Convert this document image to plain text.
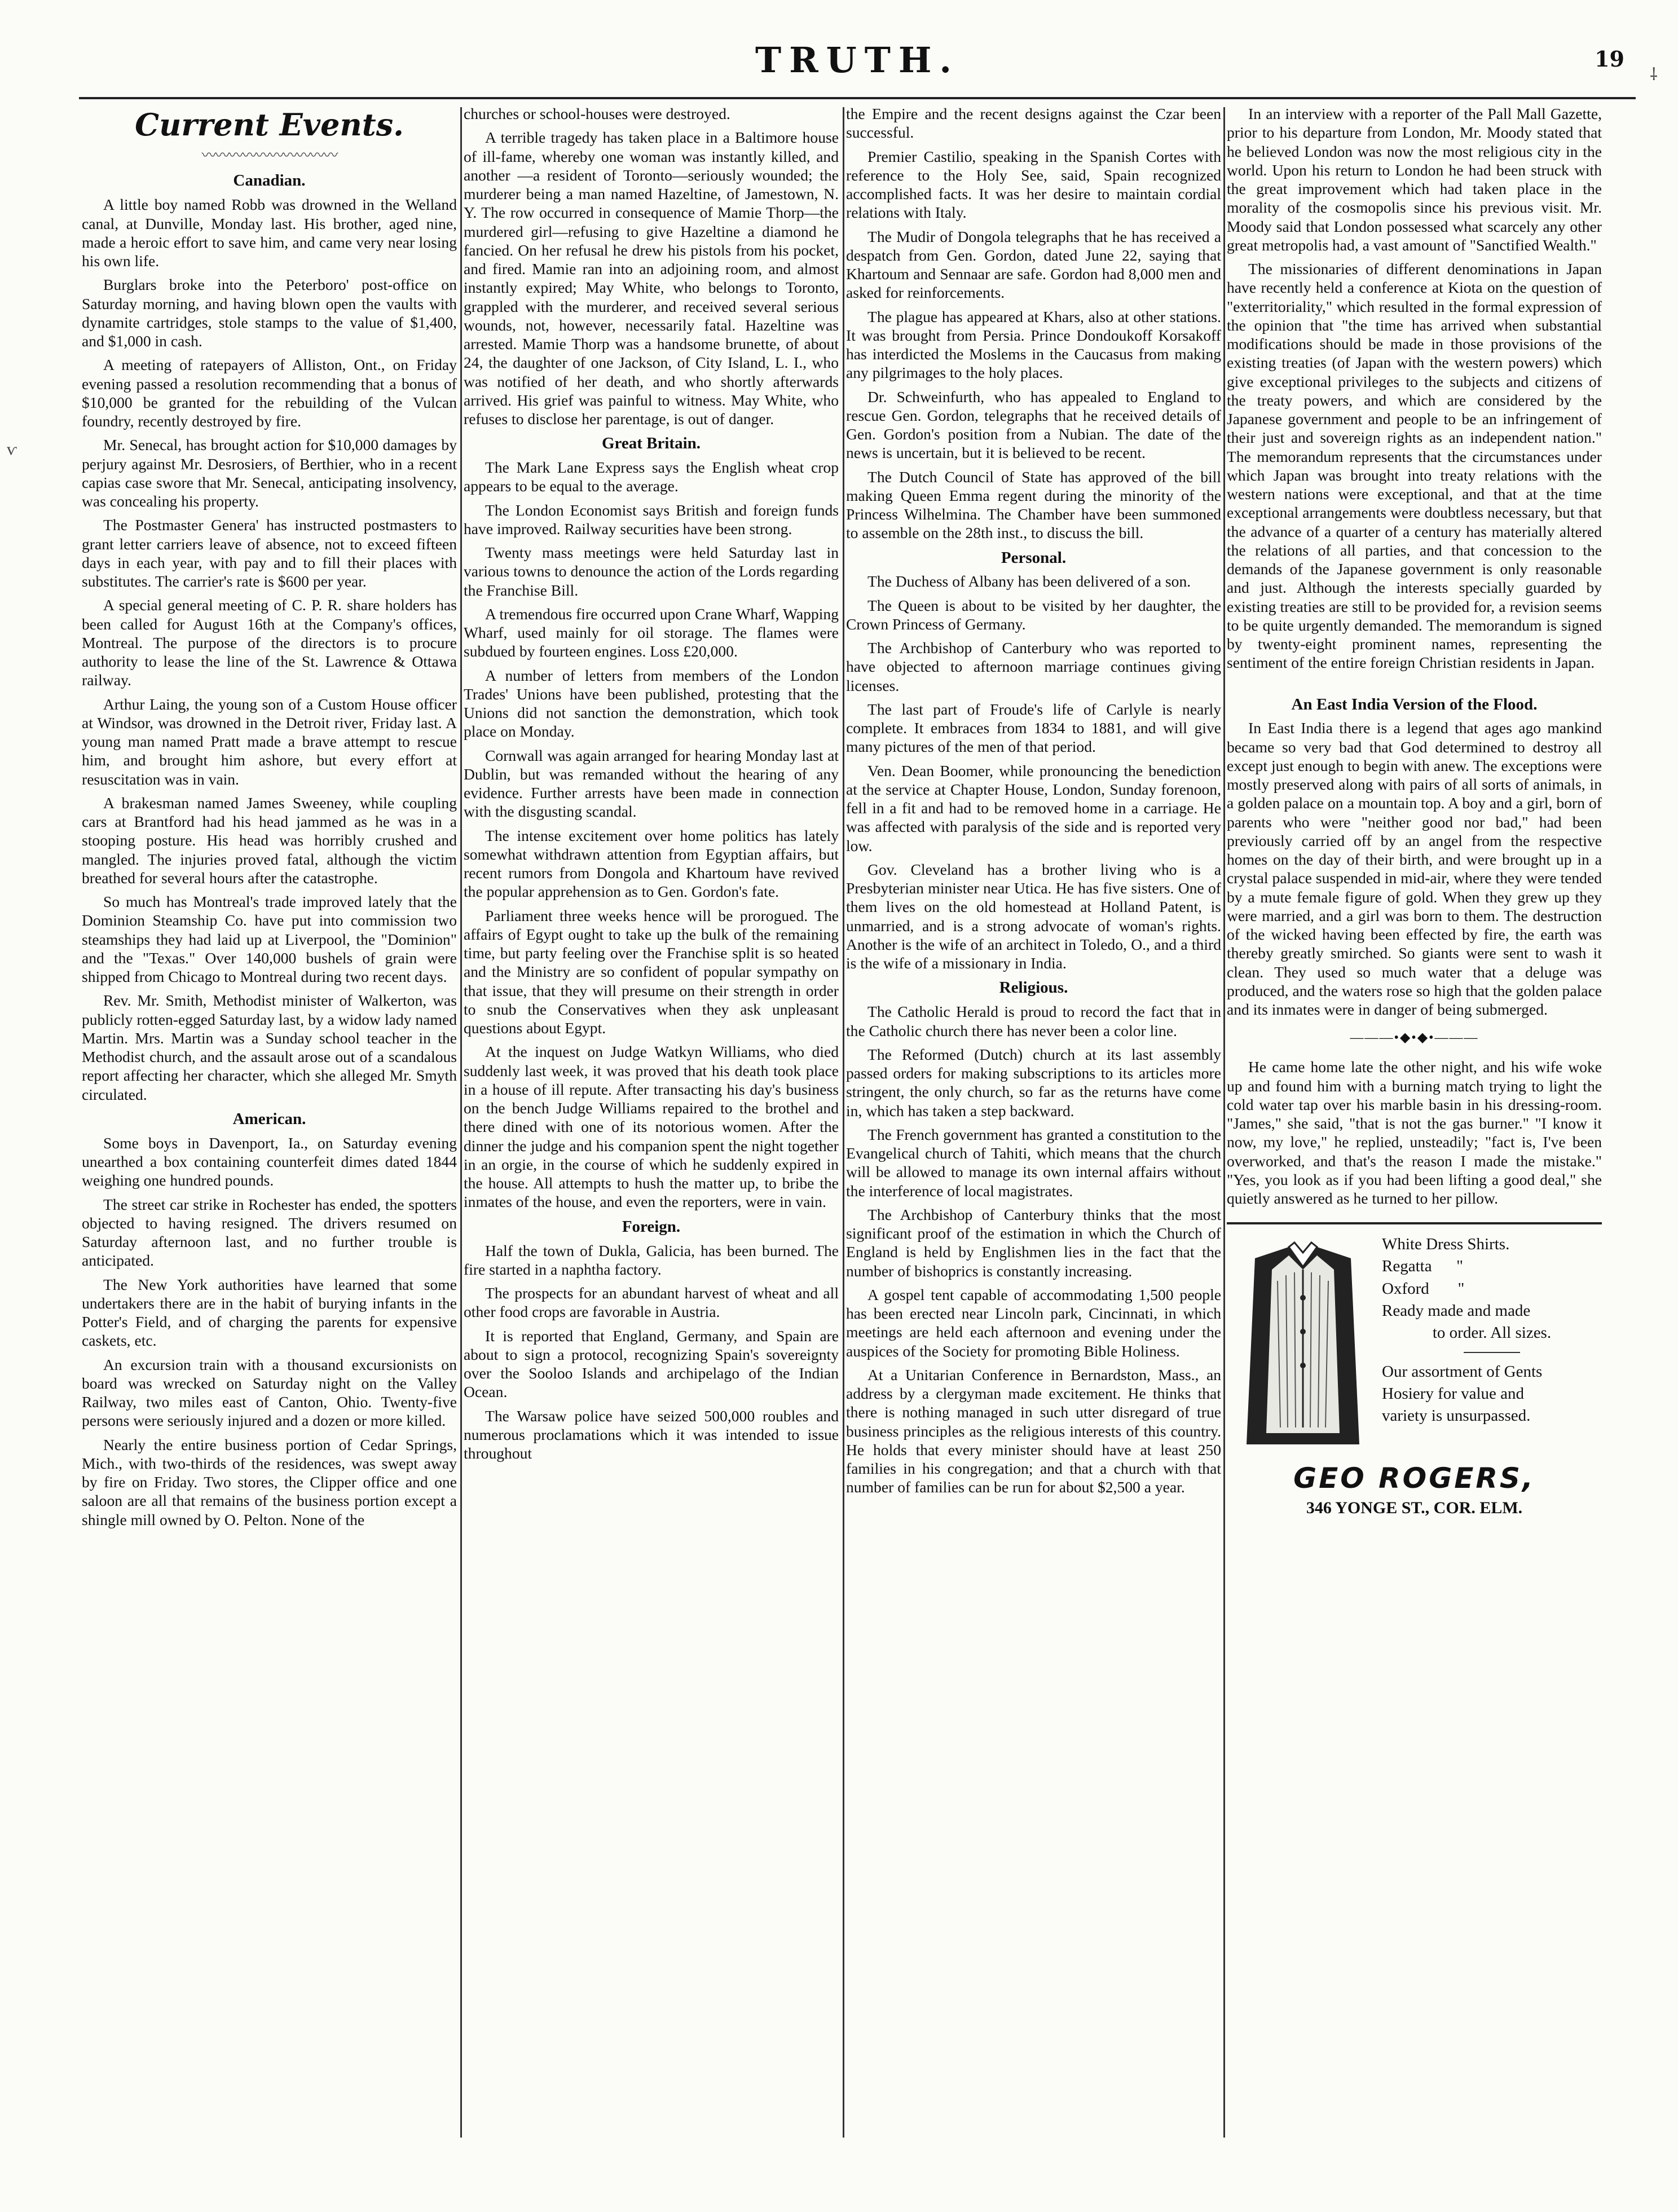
TRUTH.	19
Current Events.
〰〰〰〰〰〰〰〰〰〰
Canadian.

A little boy named Robb was drowned in the Welland canal, at Dunville, Monday last. His brother, aged nine, made a heroic effort to save him, and came very near losing his own life.

Burglars broke into the Peterboro' post-office on Saturday morning, and having blown open the vaults with dynamite cartridges, stole stamps to the value of $1,400, and $1,000 in cash.

A meeting of ratepayers of Alliston, Ont., on Friday evening passed a resolution recommending that a bonus of $10,000 be granted for the rebuilding of the Vulcan foundry, recently destroyed by fire.

Mr. Senecal, has brought action for $10,000 damages by perjury against Mr. Desrosiers, of Berthier, who in a recent capias case swore that Mr. Senecal, anticipating insolvency, was concealing his property.

The Postmaster Genera' has instructed postmasters to grant letter carriers leave of absence, not to exceed fifteen days in each year, with pay and to fill their places with substitutes. The carrier's rate is $600 per year.

A special general meeting of C. P. R. share holders has been called for August 16th at the Company's offices, Montreal. The purpose of the directors is to procure authority to lease the line of the St. Lawrence & Ottawa railway.

Arthur Laing, the young son of a Custom House officer at Windsor, was drowned in the Detroit river, Friday last. A young man named Pratt made a brave attempt to rescue him, and brought him ashore, but every effort at resuscitation was in vain.

A brakesman named James Sweeney, while coupling cars at Brantford had his head jammed as he was in a stooping posture. His head was horribly crushed and mangled. The injuries proved fatal, although the victim breathed for several hours after the catastrophe.

So much has Montreal's trade improved lately that the Dominion Steamship Co. have put into commission two steamships they had laid up at Liverpool, the "Dominion" and the "Texas." Over 140,000 bushels of grain were shipped from Chicago to Montreal during two recent days.

Rev. Mr. Smith, Methodist minister of Walkerton, was publicly rotten-egged Saturday last, by a widow lady named Martin. Mrs. Martin was a Sunday school teacher in the Methodist church, and the assault arose out of a scandalous report affecting her character, which she alleged Mr. Smyth circulated.

American.

Some boys in Davenport, Ia., on Saturday evening unearthed a box containing counterfeit dimes dated 1844 weighing one hundred pounds.

The street car strike in Rochester has ended, the spotters objected to having resigned. The drivers resumed on Saturday afternoon last, and no further trouble is anticipated.

The New York authorities have learned that some undertakers there are in the habit of burying infants in the Potter's Field, and of charging the parents for expensive caskets, etc.

An excursion train with a thousand excursionists on board was wrecked on Saturday night on the Valley Railway, two miles east of Canton, Ohio. Twenty-five persons were seriously injured and a dozen or more killed.

Nearly the entire business portion of Cedar Springs, Mich., with two-thirds of the residences, was swept away by fire on Friday. Two stores, the Clipper office and one saloon are all that remains of the business portion except a shingle mill owned by O. Pelton. None of the

churches or school-houses were destroyed.

A terrible tragedy has taken place in a Baltimore house of ill-fame, whereby one woman was instantly killed, and another —a resident of Toronto—seriously wounded; the murderer being a man named Hazeltine, of Jamestown, N. Y. The row occurred in consequence of Mamie Thorp—the murdered girl—refusing to give Hazeltine a diamond he fancied. On her refusal he drew his pistols from his pocket, and fired. Mamie ran into an adjoining room, and almost instantly expired; May White, who belongs to Toronto, grappled with the murderer, and received several serious wounds, not, however, necessarily fatal. Hazeltine was arrested. Mamie Thorp was a handsome brunette, of about 24, the daughter of one Jackson, of City Island, L. I., who was notified of her death, and who shortly afterwards arrived. His grief was painful to witness. May White, who refuses to disclose her parentage, is out of danger.

Great Britain.

The Mark Lane Express says the English wheat crop appears to be equal to the average.

The London Economist says British and foreign funds have improved. Railway securities have been strong.

Twenty mass meetings were held Saturday last in various towns to denounce the action of the Lords regarding the Franchise Bill.

A tremendous fire occurred upon Crane Wharf, Wapping Wharf, used mainly for oil storage. The flames were subdued by fourteen engines. Loss £20,000.

A number of letters from members of the London Trades' Unions have been published, protesting that the Unions did not sanction the demonstration, which took place on Monday.

Cornwall was again arranged for hearing Monday last at Dublin, but was remanded without the hearing of any evidence. Further arrests have been made in connection with the disgusting scandal.

The intense excitement over home politics has lately somewhat withdrawn attention from Egyptian affairs, but recent rumors from Dongola and Khartoum have revived the popular apprehension as to Gen. Gordon's fate.

Parliament three weeks hence will be prorogued. The affairs of Egypt ought to take up the bulk of the remaining time, but party feeling over the Franchise split is so heated and the Ministry are so confident of popular sympathy on that issue, that they will presume on their strength in order to snub the Conservatives when they ask unpleasant questions about Egypt.

At the inquest on Judge Watkyn Williams, who died suddenly last week, it was proved that his death took place in a house of ill repute. After transacting his day's business on the bench Judge Williams repaired to the brothel and there dined with one of its notorious women. After the dinner the judge and his companion spent the night together in an orgie, in the course of which he suddenly expired in the house. All attempts to hush the matter up, to bribe the inmates of the house, and even the reporters, were in vain.

Foreign.

Half the town of Dukla, Galicia, has been burned. The fire started in a naphtha factory.

The prospects for an abundant harvest of wheat and all other food crops are favorable in Austria.

It is reported that England, Germany, and Spain are about to sign a protocol, recognizing Spain's sovereignty over the Sooloo Islands and archipelago of the Indian Ocean.

The Warsaw police have seized 500,000 roubles and numerous proclamations which it was intended to issue throughout

the Empire and the recent designs against the Czar been successful.

Premier Castilio, speaking in the Spanish Cortes with reference to the Holy See, said, Spain recognized accomplished facts. It was her desire to maintain cordial relations with Italy.

The Mudir of Dongola telegraphs that he has received a despatch from Gen. Gordon, dated June 22, saying that Khartoum and Sennaar are safe. Gordon had 8,000 men and asked for reinforcements.

The plague has appeared at Khars, also at other stations. It was brought from Persia. Prince Dondoukoff Korsakoff has interdicted the Moslems in the Caucasus from making any pilgrimages to the holy places.

Dr. Schweinfurth, who has appealed to England to rescue Gen. Gordon, telegraphs that he received details of Gen. Gordon's position from a Nubian. The date of the news is uncertain, but it is believed to be recent.

The Dutch Council of State has approved of the bill making Queen Emma regent during the minority of the Princess Wilhelmina. The Chamber have been summoned to assemble on the 28th inst., to discuss the bill.

Personal.

The Duchess of Albany has been delivered of a son.

The Queen is about to be visited by her daughter, the Crown Princess of Germany.

The Archbishop of Canterbury who was reported to have objected to afternoon marriage continues giving licenses.

The last part of Froude's life of Carlyle is nearly complete. It embraces from 1834 to 1881, and will give many pictures of the men of that period.

Ven. Dean Boomer, while pronouncing the benediction at the service at Chapter House, London, Sunday forenoon, fell in a fit and had to be removed home in a carriage. He was affected with paralysis of the side and is reported very low.

Gov. Cleveland has a brother living who is a Presbyterian minister near Utica. He has five sisters. One of them lives on the old homestead at Holland Patent, is unmarried, and is a strong advocate of woman's rights. Another is the wife of an architect in Toledo, O., and a third is the wife of a missionary in India.

Religious.

The Catholic Herald is proud to record the fact that in the Catholic church there has never been a color line.

The Reformed (Dutch) church at its last assembly passed orders for making subscriptions to its articles more stringent, the only church, so far as the returns have come in, which has taken a step backward.

The French government has granted a constitution to the Evangelical church of Tahiti, which means that the church will be allowed to manage its own internal affairs without the interference of local magistrates.

The Archbishop of Canterbury thinks that the most significant proof of the estimation in which the Church of England is held by Englishmen lies in the fact that the number of bishoprics is constantly increasing.

A gospel tent capable of accommodating 1,500 people has been erected near Lincoln park, Cincinnati, in which meetings are held each afternoon and evening under the auspices of the Society for promoting Bible Holiness.

At a Unitarian Conference in Bernardston, Mass., an address by a clergyman made excitement. He thinks that there is nothing managed in such utter disregard of true business principles as the religious interests of this country. He holds that every minister should have at least 250 families in his congregation; and that a church with that number of families can be run for about $2,500 a year.

In an interview with a reporter of the Pall Mall Gazette, prior to his departure from London, Mr. Moody stated that he believed London was now the most religious city in the world. Upon his return to London he had been struck with the great improvement which had taken place in the morality of the cosmopolis since his previous visit. Mr. Moody said that London possessed what scarcely any other great metropolis had, a vast amount of "Sanctified Wealth."

The missionaries of different denominations in Japan have recently held a conference at Kiota on the question of "exterritoriality," which resulted in the formal expression of the opinion that "the time has arrived when substantial modifications should be made in those provisions of the existing treaties (of Japan with the western powers) which give exceptional privileges to the subjects and citizens of the treaty powers, and which are considered by the Japanese government and people to be an infringement of their just and sovereign rights as an independent nation." The memorandum represents that the circumstances under which Japan was brought into treaty relations with the western nations were exceptional, and that at the time exceptional arrangements were doubtless necessary, but that the advance of a quarter of a century has materially altered the relations of all parties, and that concession to the demands of the Japanese government is only reasonable and just. Although the interests specially guarded by existing treaties are still to be provided for, a revision seems to be quite urgently demanded. The memorandum is signed by twenty-eight prominent names, representing the sentiment of the entire foreign Christian residents in Japan.

An East India Version of the Flood.

In East India there is a legend that ages ago mankind became so very bad that God determined to destroy all except just enough to begin with anew. The exceptions were mostly preserved along with pairs of all sorts of animals, in a golden palace on a mountain top. A boy and a girl, born of parents who were "neither good nor bad," had been previously carried off by an angel from the respective homes on the day of their birth, and were brought up in a crystal palace suspended in mid-air, where they were tended by a mute female figure of gold. When they grew up they were married, and a girl was born to them. The destruction of the wicked having been effected by fire, the earth was thereby greatly smirched. So giants were sent to wash it clean. They used so much water that a deluge was produced, and the waters rose so high that the golden palace and its inmates were in danger of being submerged.

———•◆•◆•———

He came home late the other night, and his wife woke up and found him with a burning match trying to light the cold water tap over his marble basin in his dressing-room. "James," she said, "that is not the gas burner." "I know it now, my love," he replied, unsteadily; "fact is, I've been overworked, and that's the reason I made the mistake." "Yes, you look as if you had been lifting a good deal," she quietly answered as he turned to her pillow.

White Dress Shirts.
Regatta      "
Oxford       "
Ready made and made
to order. All sizes.
Our assortment of Gents
Hosiery for value and
variety is unsurpassed.
GEO ROGERS,
346 YONGE ST., COR. ELM.
ⱱ
⸸
